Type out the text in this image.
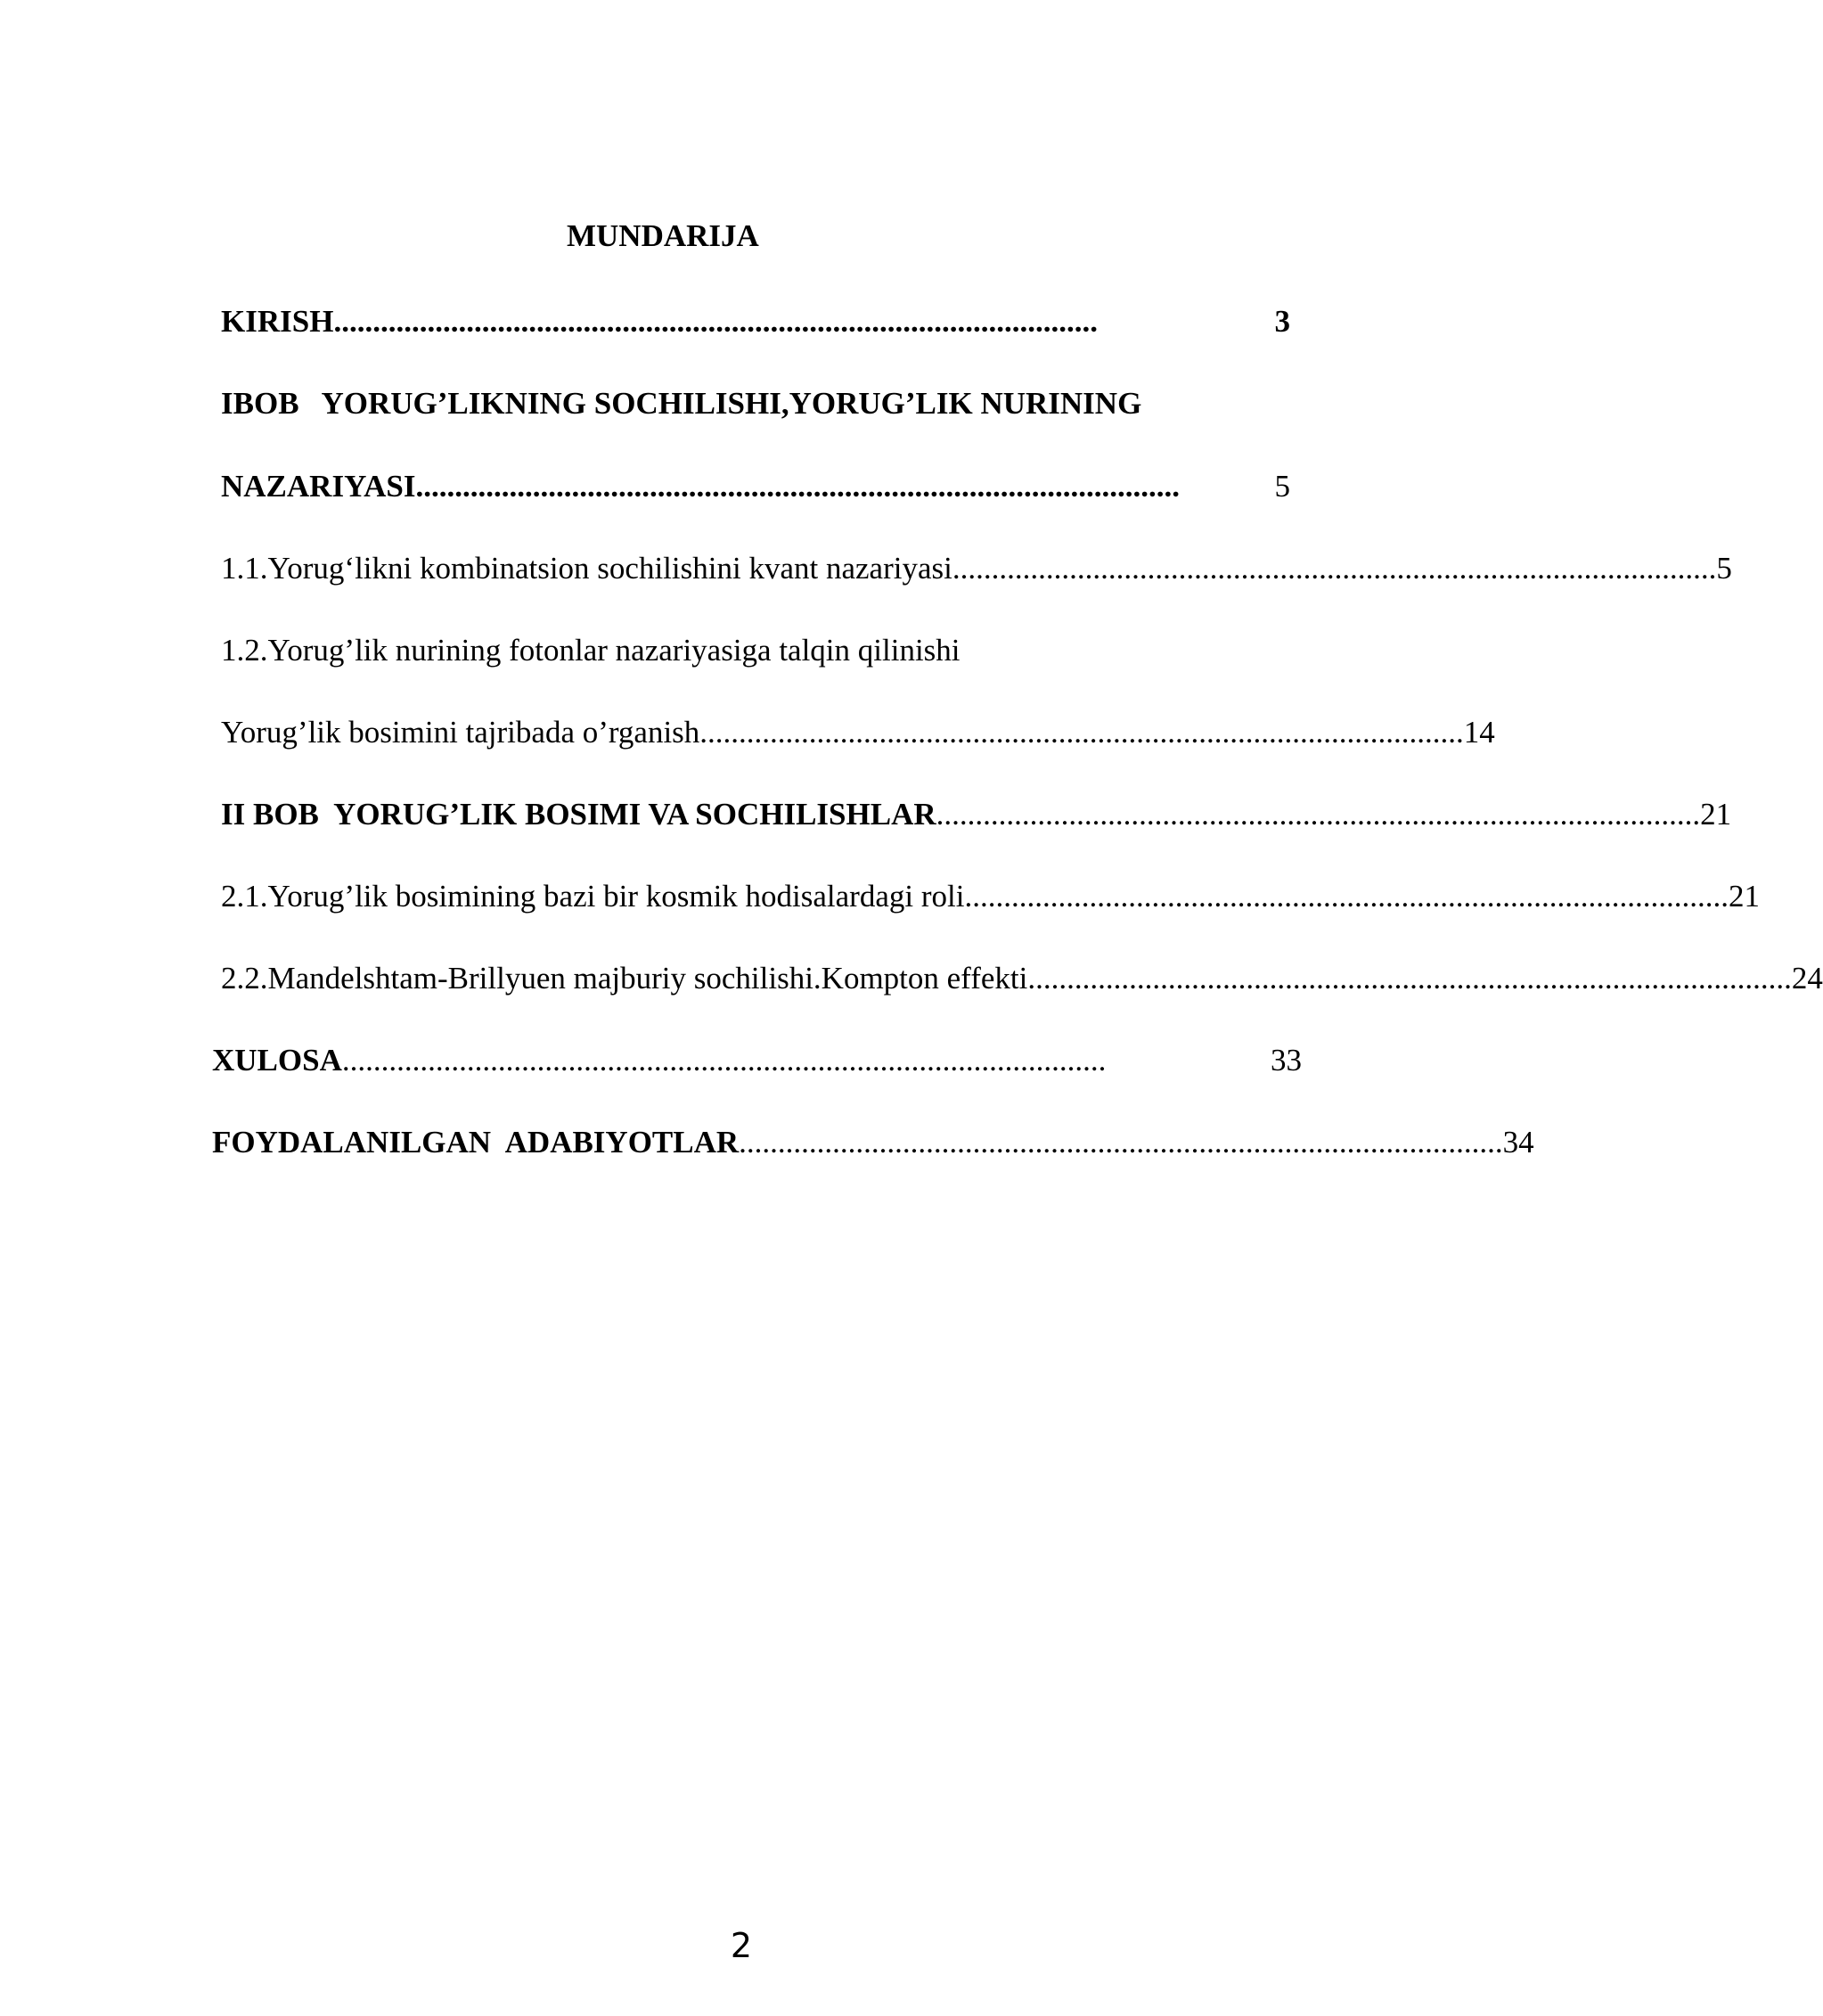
MUNDARIJA
KIRISH ..................................................................................................	3
IBOB   YORUG’LIKNING SOCHILISHI,YORUG’LIK NURINING
NAZARIYASI ..................................................................................................	5
1.1.Yorug‘likni kombinatsion sochilishini kvant nazariyasi .................................................................................................. 5
1.2.Yorug’lik nurining fotonlar nazariyasiga talqin qilinishi
Yorug’lik bosimini tajribada o’rganish .................................................................................................. 14
II BOB  YORUG’LIK BOSIMI VA SOCHILISHLAR .................................................................................................. 21
2.1.Yorug’lik bosimining bazi bir kosmik hodisalardagi roli .................................................................................................. 21
2.2.Mandelshtam-Brillyuen majburiy sochilishi.Kompton effekti .................................................................................................. 24
XULOSA ..................................................................................................	33
FOYDALANILGAN  ADABIYOTLAR .................................................................................................. 34
2
